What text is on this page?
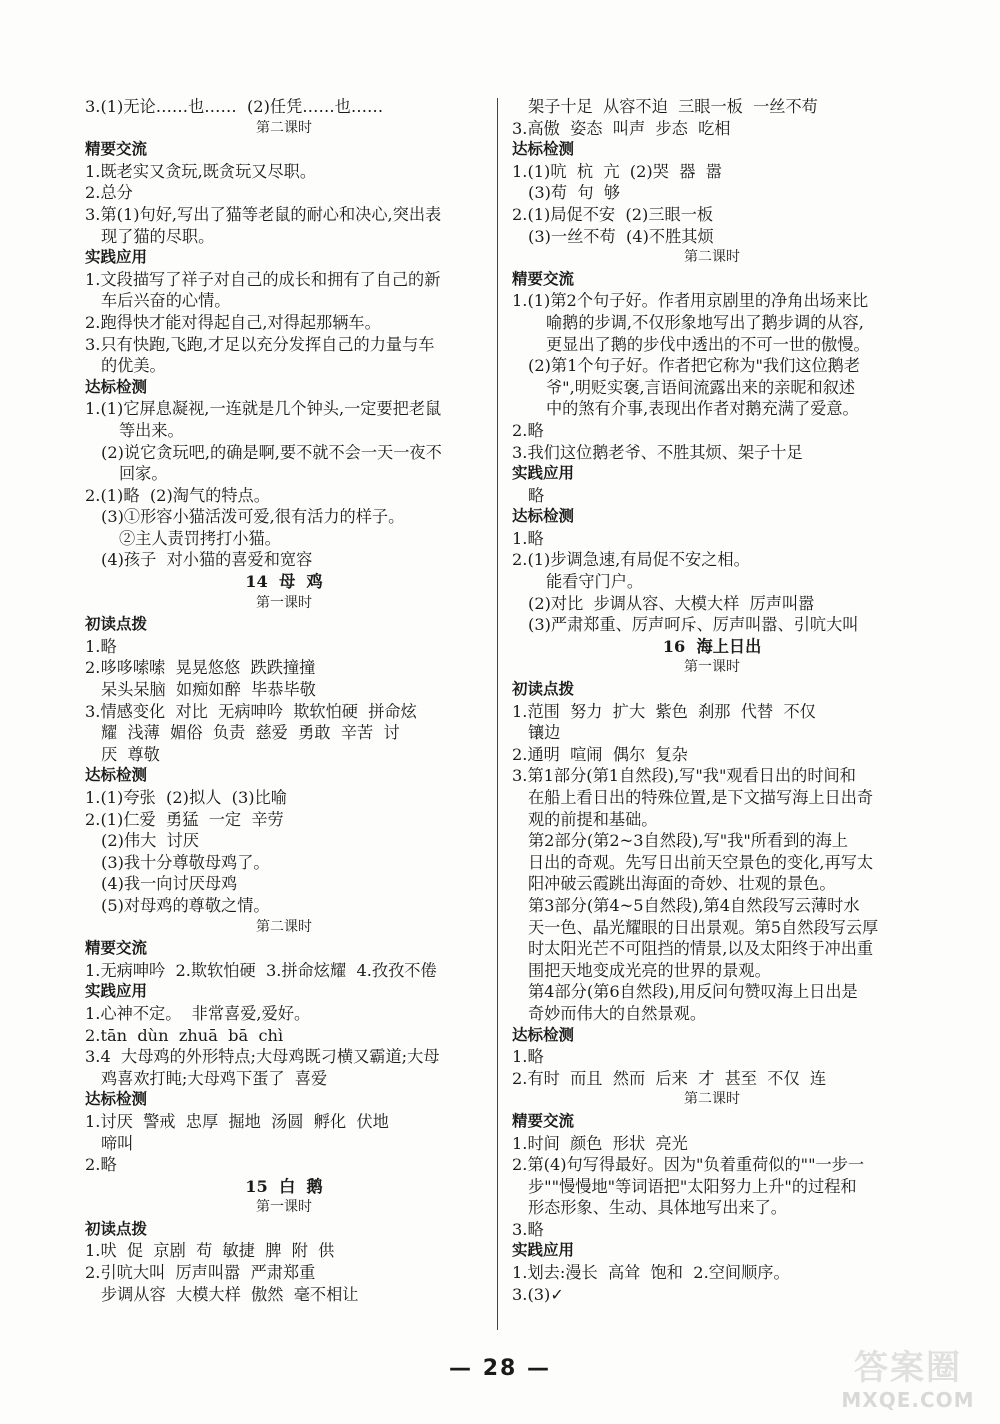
3.(1)无论……也……  (2)任凭……也……
第二课时
精要交流
1.既老实又贪玩,既贪玩又尽职。
2.总分
3.第(1)句好,写出了猫等老鼠的耐心和决心,突出表
现了猫的尽职。
实践应用
1.文段描写了祥子对自己的成长和拥有了自己的新
车后兴奋的心情。
2.跑得快才能对得起自己,对得起那辆车。
3.只有快跑,飞跑,才足以充分发挥自己的力量与车
的优美。
达标检测
1.(1)它屏息凝视,一连就是几个钟头,一定要把老鼠
等出来。
(2)说它贪玩吧,的确是啊,要不就不会一天一夜不
回家。
2.(1)略  (2)淘气的特点。
(3)①形容小猫活泼可爱,很有活力的样子。
②主人责罚拷打小猫。
(4)孩子  对小猫的喜爱和宽容
14  母  鸡
第一课时
初读点拨
1.略
2.哆哆嗦嗦  晃晃悠悠  跌跌撞撞
呆头呆脑  如痴如醉  毕恭毕敬
3.情感变化  对比  无病呻吟  欺软怕硬  拼命炫
耀  浅薄  媚俗  负责  慈爱  勇敢  辛苦  讨
厌  尊敬
达标检测
1.(1)夸张  (2)拟人  (3)比喻
2.(1)仁爱  勇猛  一定  辛劳
(2)伟大  讨厌
(3)我十分尊敬母鸡了。
(4)我一向讨厌母鸡
(5)对母鸡的尊敬之情。
第二课时
精要交流
1.无病呻吟  2.欺软怕硬  3.拼命炫耀  4.孜孜不倦
实践应用
1.心神不定。  非常喜爱,爱好。
2.tān  dùn  zhuā  bā  chì
3.4  大母鸡的外形特点;大母鸡既刁横又霸道;大母
鸡喜欢打盹;大母鸡下蛋了  喜爱
达标检测
1.讨厌  警戒  忠厚  掘地  汤圆  孵化  伏地
啼叫
2.略
15  白  鹅
第一课时
初读点拨
1.吠  促  京剧  苟  敏捷  脾  附  供
2.引吭大叫  厉声叫嚣  严肃郑重
步调从容  大模大样  傲然  毫不相让
架子十足  从容不迫  三眼一板  一丝不苟
3.高傲  姿态  叫声  步态  吃相
达标检测
1.(1)吭  杭  亢  (2)哭  器  嚣
(3)苟  句  够
2.(1)局促不安  (2)三眼一板
(3)一丝不苟  (4)不胜其烦
第二课时
精要交流
1.(1)第2个句子好。作者用京剧里的净角出场来比
喻鹅的步调,不仅形象地写出了鹅步调的从容,
更显出了鹅的步伐中透出的不可一世的傲慢。
(2)第1个句子好。作者把它称为"我们这位鹅老
爷",明贬实褒,言语间流露出来的亲昵和叙述
中的煞有介事,表现出作者对鹅充满了爱意。
2.略
3.我们这位鹅老爷、不胜其烦、架子十足
实践应用
略
达标检测
1.略
2.(1)步调急速,有局促不安之相。
能看守门户。
(2)对比  步调从容、大模大样  厉声叫嚣
(3)严肃郑重、厉声呵斥、厉声叫嚣、引吭大叫
16  海上日出
第一课时
初读点拨
1.范围  努力  扩大  紫色  刹那  代替  不仅
镶边
2.通明  喧闹  偶尔  复杂
3.第1部分(第1自然段),写"我"观看日出的时间和
在船上看日出的特殊位置,是下文描写海上日出奇
观的前提和基础。
第2部分(第2~3自然段),写"我"所看到的海上
日出的奇观。先写日出前天空景色的变化,再写太
阳冲破云霞跳出海面的奇妙、壮观的景色。
第3部分(第4~5自然段),第4自然段写云薄时水
天一色、晶光耀眼的日出景观。第5自然段写云厚
时太阳光芒不可阻挡的情景,以及太阳终于冲出重
围把天地变成光亮的世界的景观。
第4部分(第6自然段),用反问句赞叹海上日出是
奇妙而伟大的自然景观。
达标检测
1.略
2.有时  而且  然而  后来  才  甚至  不仅  连
第二课时
精要交流
1.时间  颜色  形状  亮光
2.第(4)句写得最好。因为"负着重荷似的""一步一
步""慢慢地"等词语把"太阳努力上升"的过程和
形态形象、生动、具体地写出来了。
3.略
实践应用
1.划去:漫长  高耸  饱和  2.空间顺序。
3.(3)✓
— 28 —	答案圈
MXQE.COM
